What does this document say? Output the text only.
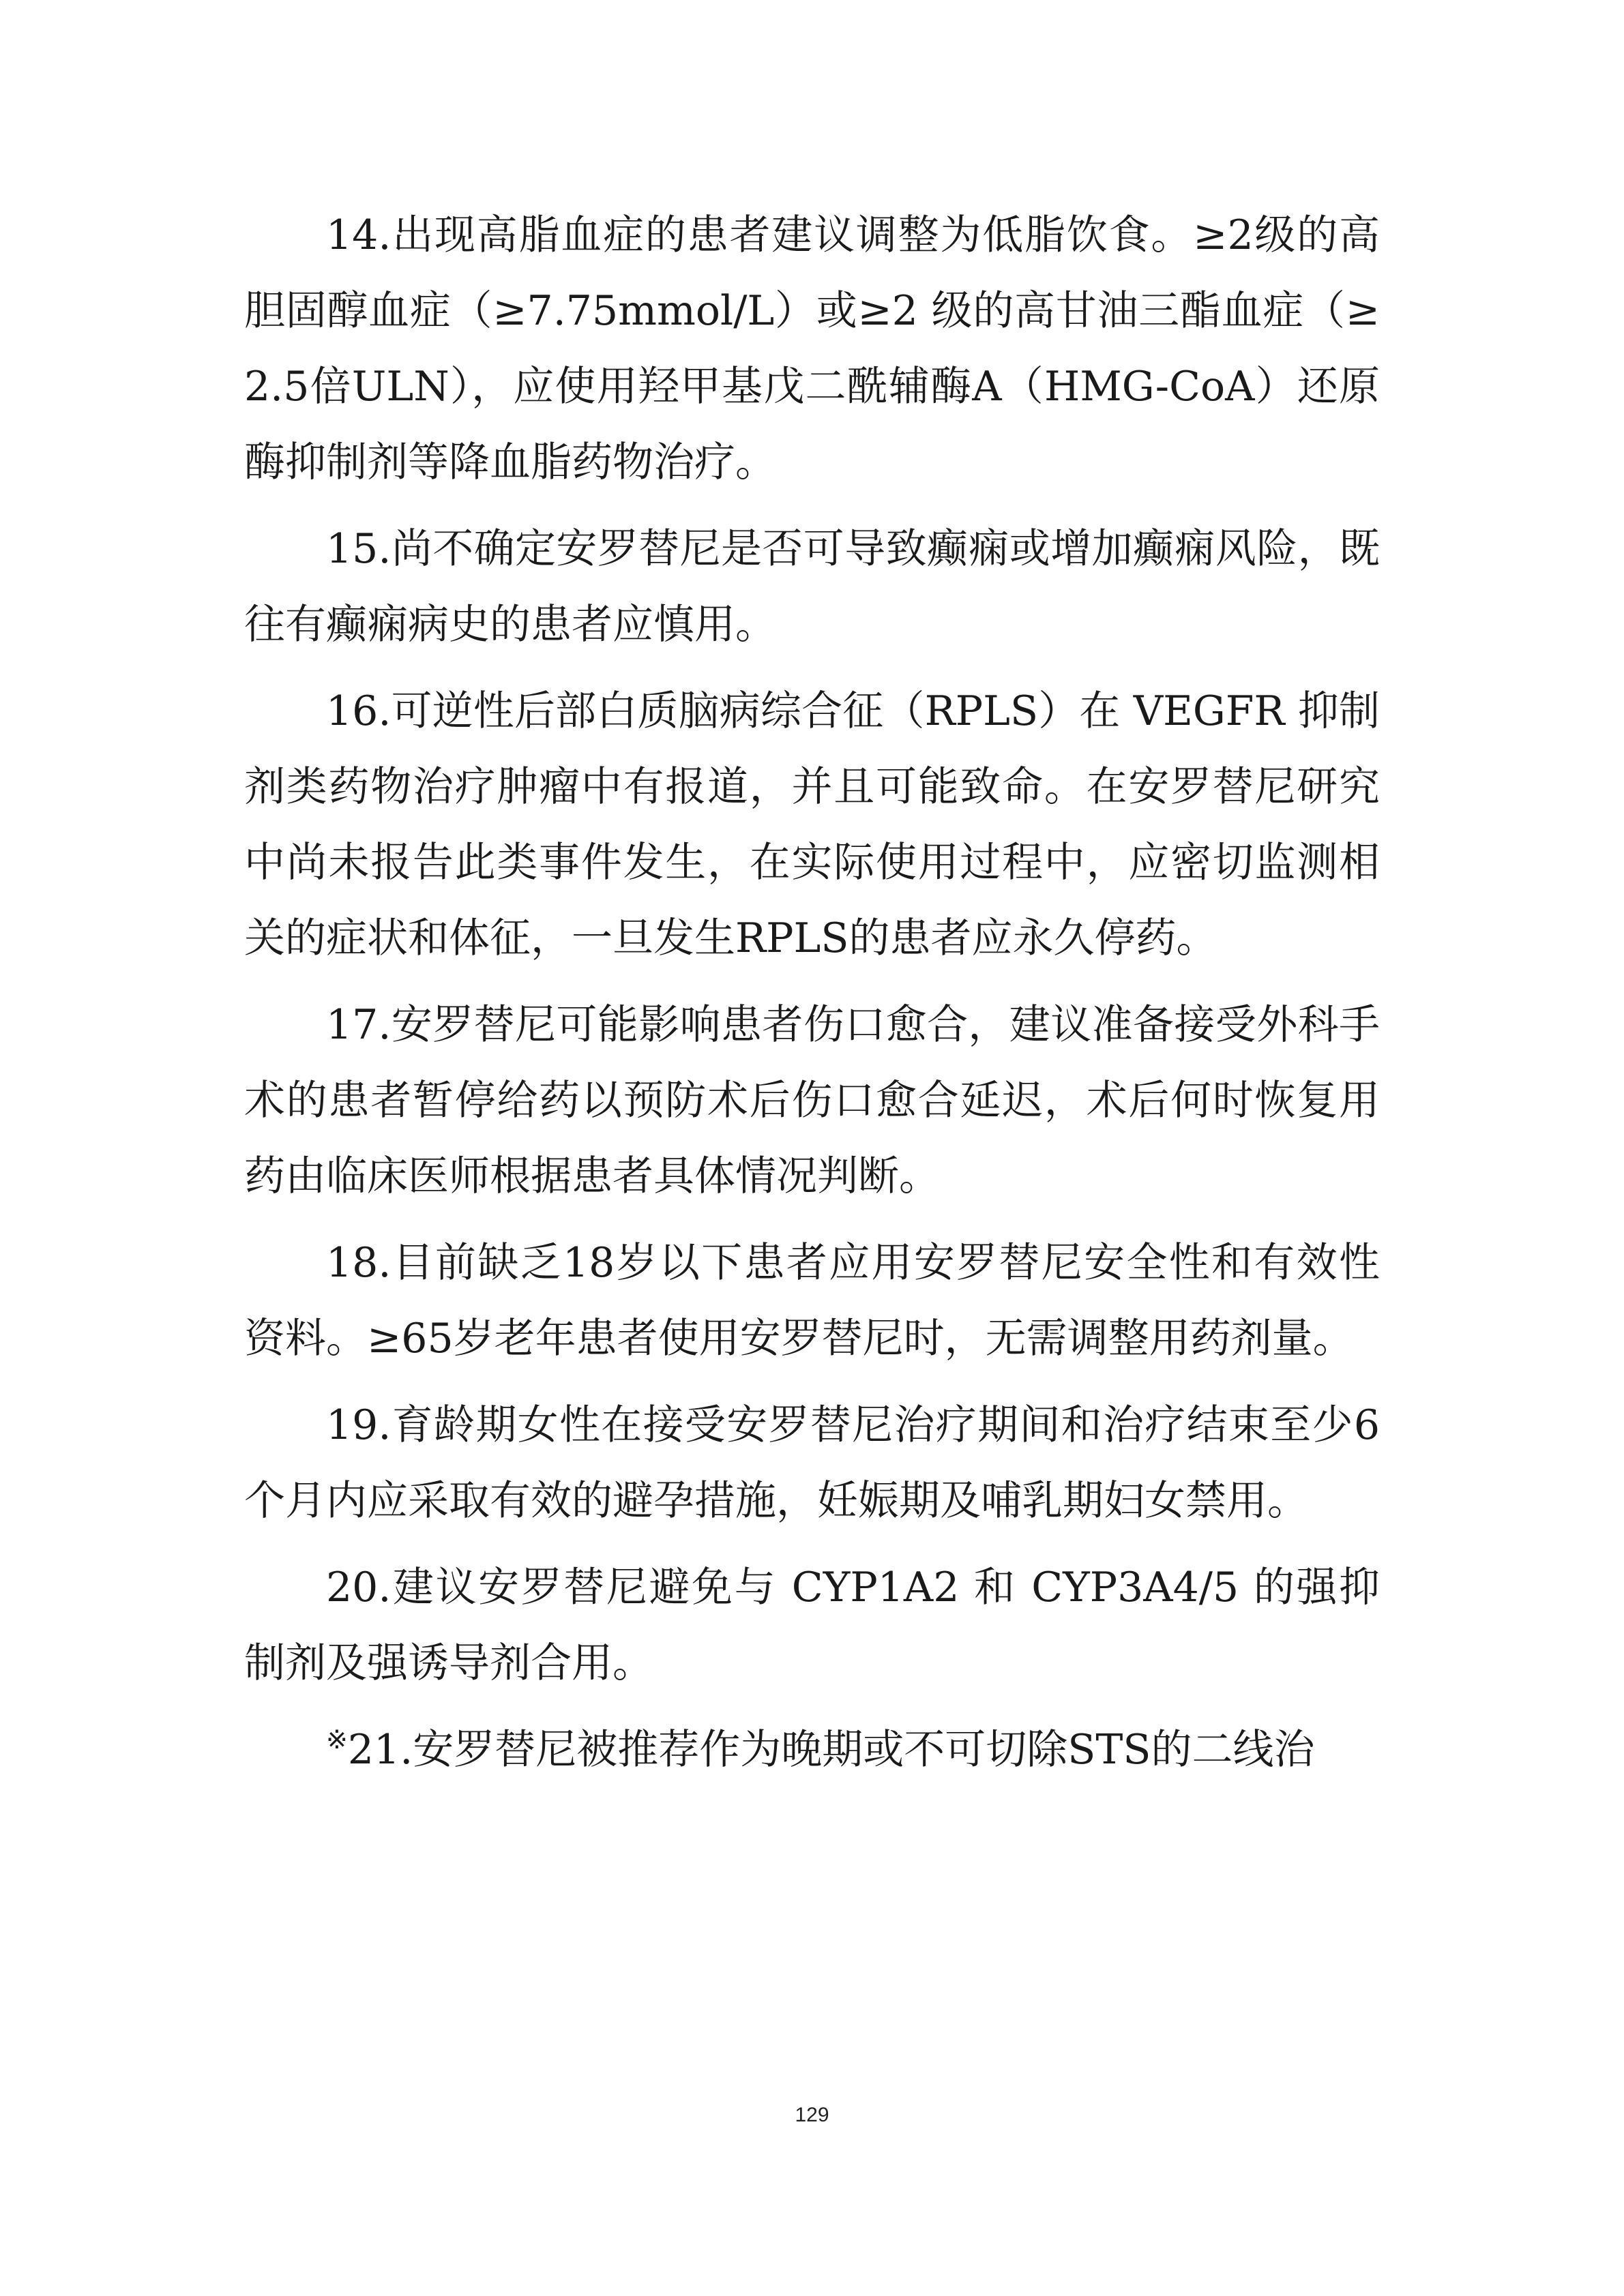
14.出现高脂血症的患者建议调整为低脂饮食。≥2级的高胆固醇血症（≥7.75mmol/L）或≥2 级的高甘油三酯血症（≥2.5倍ULN），应使用羟甲基戊二酰辅酶A（HMG-CoA）还原酶抑制剂等降血脂药物治疗。

15.尚不确定安罗替尼是否可导致癫痫或增加癫痫风险，既往有癫痫病史的患者应慎用。

16.可逆性后部白质脑病综合征（RPLS）在 VEGFR 抑制剂类药物治疗肿瘤中有报道，并且可能致命。在安罗替尼研究中尚未报告此类事件发生，在实际使用过程中，应密切监测相关的症状和体征，一旦发生RPLS的患者应永久停药。

17.安罗替尼可能影响患者伤口愈合，建议准备接受外科手术的患者暂停给药以预防术后伤口愈合延迟，术后何时恢复用药由临床医师根据患者具体情况判断。

18.目前缺乏18岁以下患者应用安罗替尼安全性和有效性资料。≥65岁老年患者使用安罗替尼时，无需调整用药剂量。

19.育龄期女性在接受安罗替尼治疗期间和治疗结束至少6个月内应采取有效的避孕措施，妊娠期及哺乳期妇女禁用。

20.建议安罗替尼避免与 CYP1A2 和 CYP3A4/5 的强抑制剂及强诱导剂合用。

※21.安罗替尼被推荐作为晚期或不可切除STS的二线治

129
